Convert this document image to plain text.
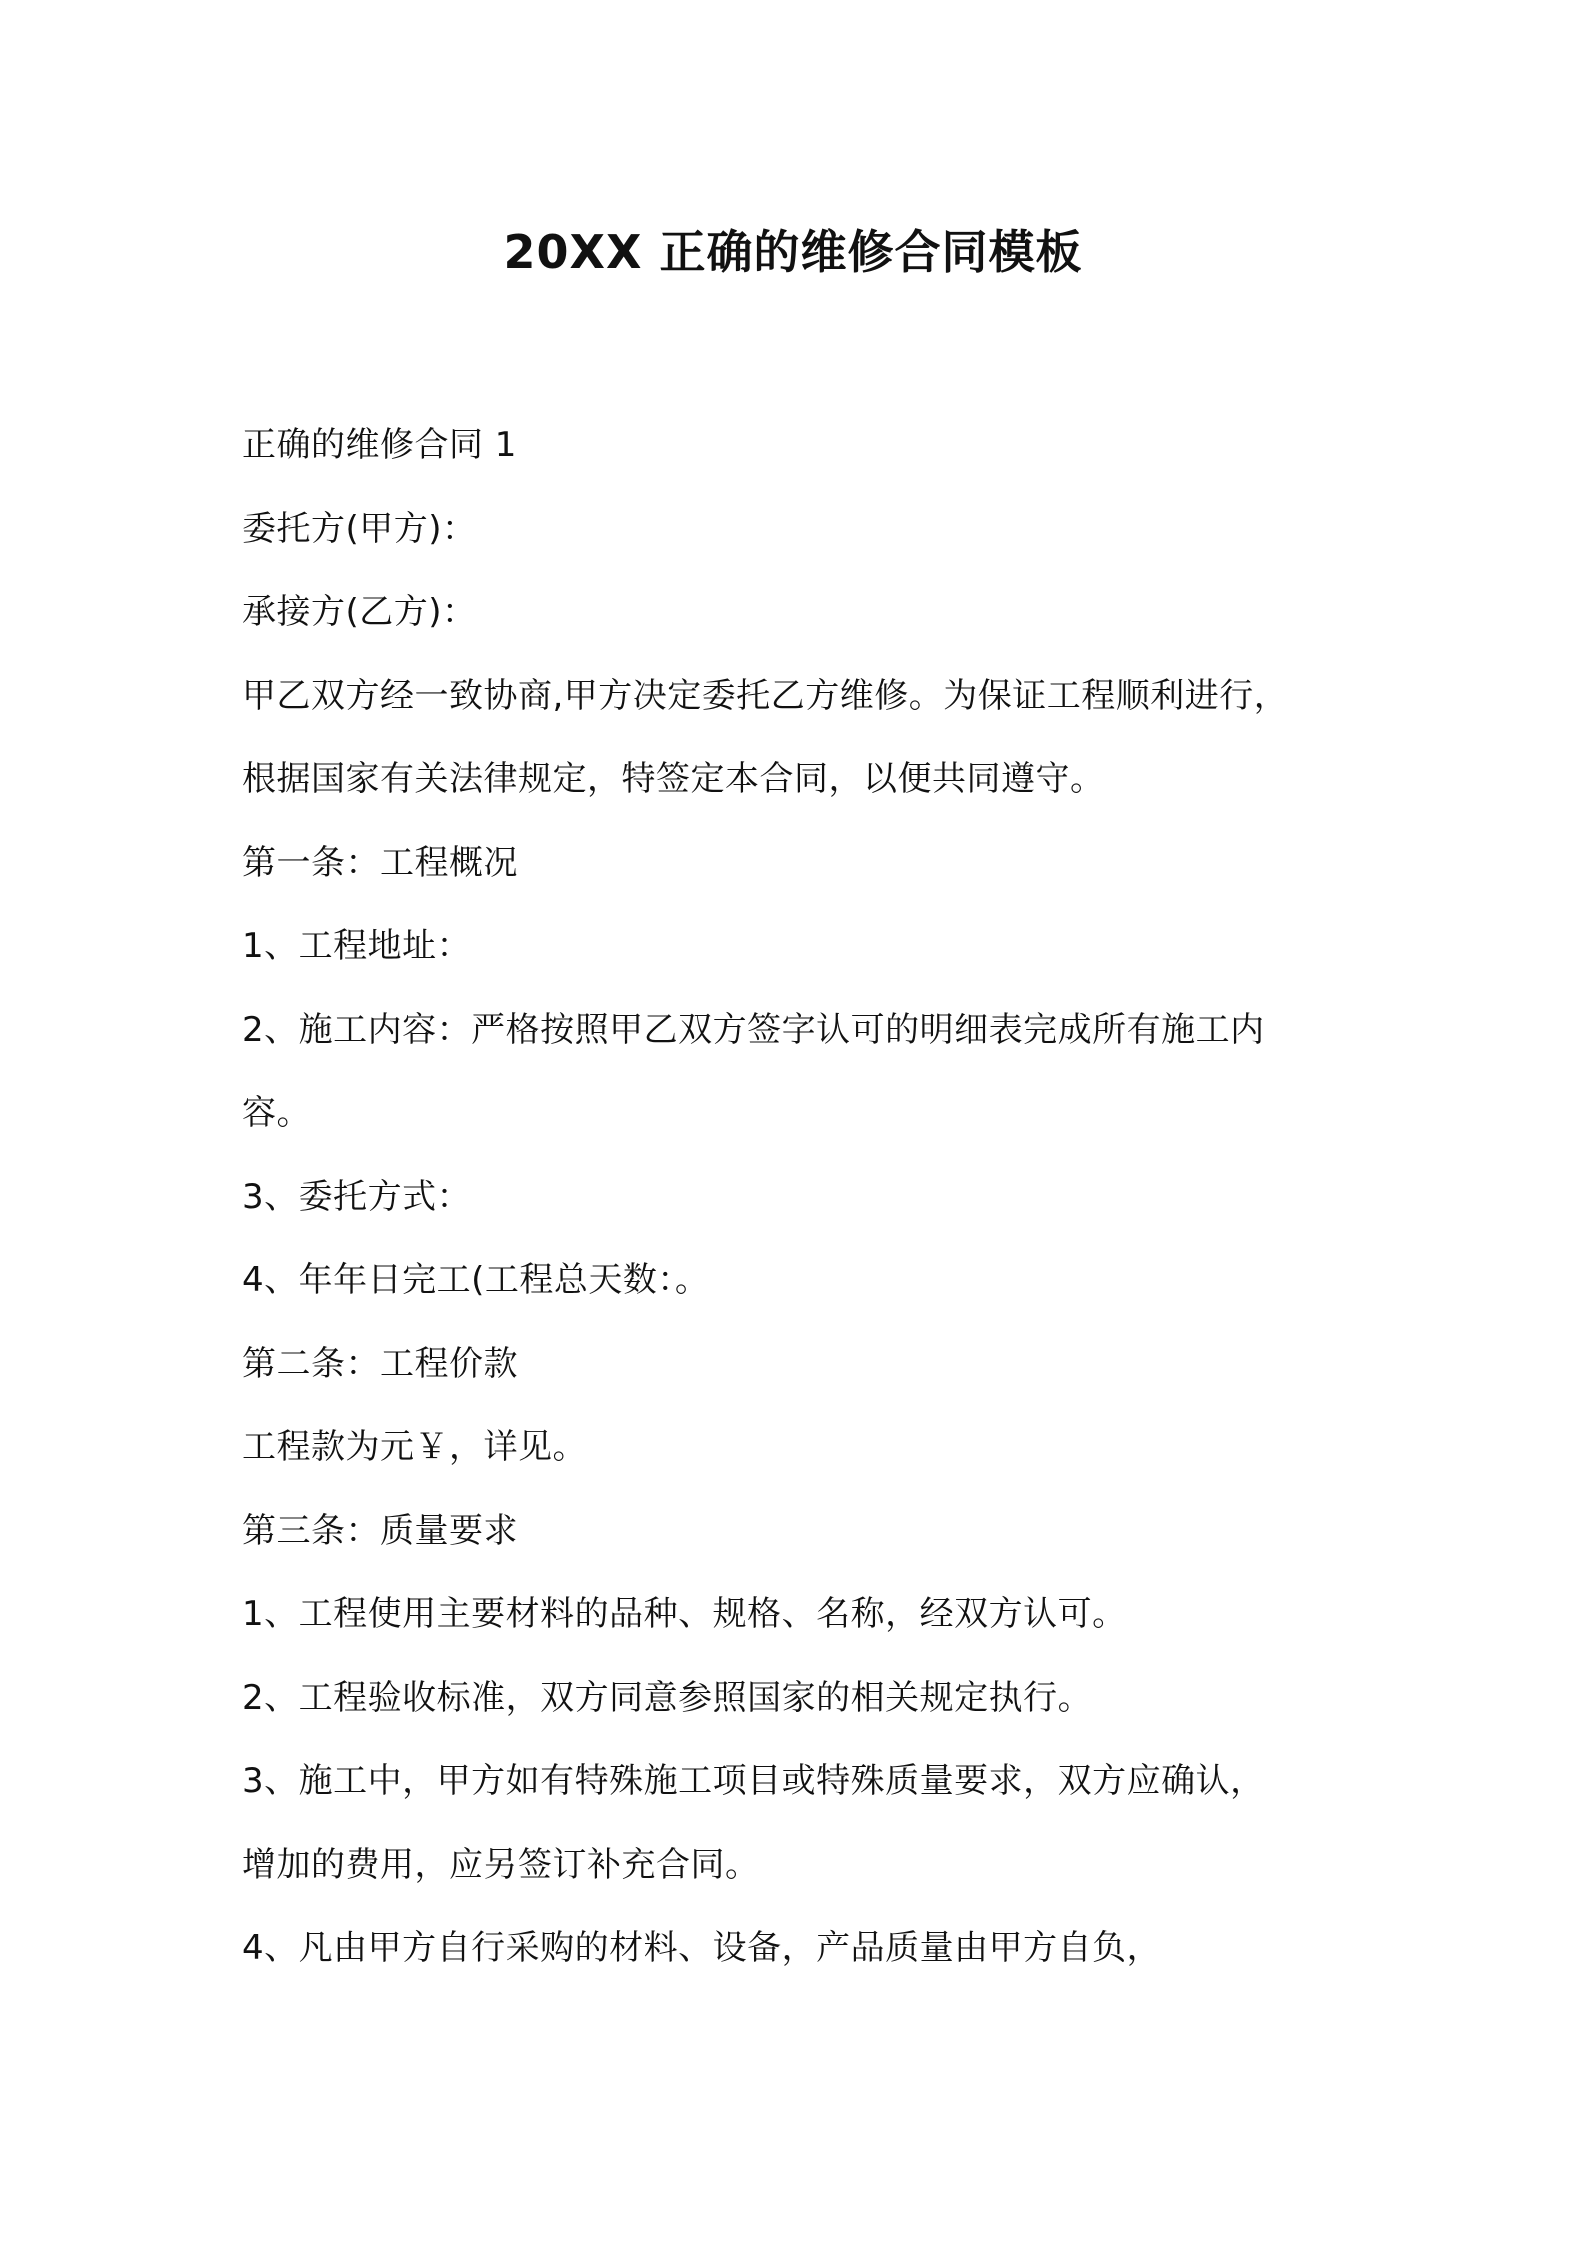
20XX 正确的维修合同模板
正确的维修合同 1
委托方(甲方)：
承接方(乙方)：
甲乙双方经一致协商,甲方决定委托乙方维修。为保证工程顺利进行，
根据国家有关法律规定，特签定本合同，以便共同遵守。
第一条：工程概况
1、工程地址：
2、施工内容：严格按照甲乙双方签字认可的明细表完成所有施工内
容。
3、委托方式：
4、年年日完工(工程总天数：。
第二条：工程价款
工程款为元￥，详见。
第三条：质量要求
1、工程使用主要材料的品种、规格、名称，经双方认可。
2、工程验收标准，双方同意参照国家的相关规定执行。
3、施工中，甲方如有特殊施工项目或特殊质量要求，双方应确认，
增加的费用，应另签订补充合同。
4、凡由甲方自行采购的材料、设备，产品质量由甲方自负，
